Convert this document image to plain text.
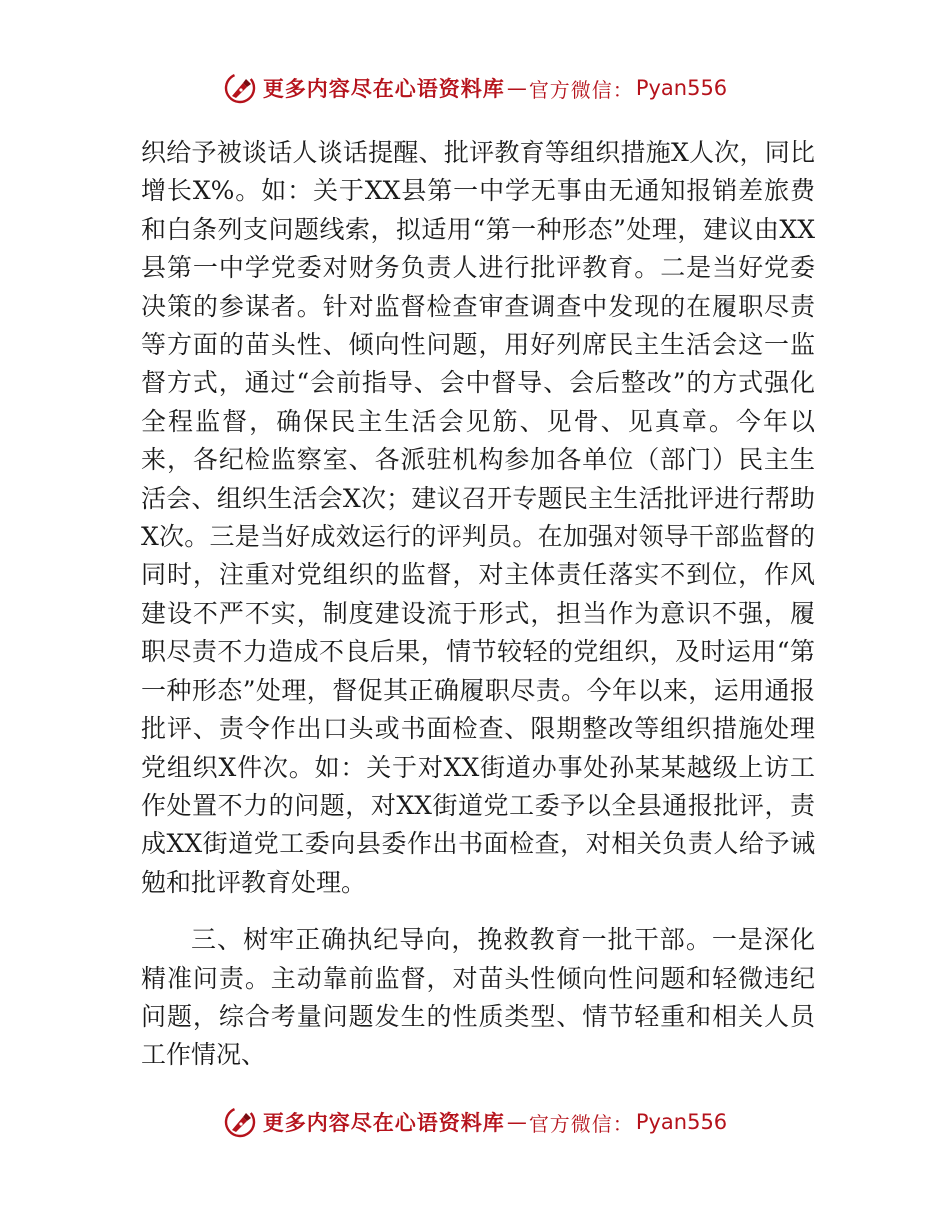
更多内容尽在心语资料库 — 官方微信： Pyan556

织给予被谈话人谈话提醒、批评教育等组织措施X人次，同比增长X%。如：关于XX县第一中学无事由无通知报销差旅费和白条列支问题线索，拟适用“第一种形态”处理，建议由XX县第一中学党委对财务负责人进行批评教育。二是当好党委决策的参谋者。针对监督检查审查调查中发现的在履职尽责等方面的苗头性、倾向性问题，用好列席民主生活会这一监督方式，通过“会前指导、会中督导、会后整改”的方式强化全程监督，确保民主生活会见筋、见骨、见真章。今年以来，各纪检监察室、各派驻机构参加各单位（部门）民主生活会、组织生活会X次；建议召开专题民主生活批评进行帮助X次。三是当好成效运行的评判员。在加强对领导干部监督的同时，注重对党组织的监督，对主体责任落实不到位，作风建设不严不实，制度建设流于形式，担当作为意识不强，履职尽责不力造成不良后果，情节较轻的党组织，及时运用“第一种形态”处理，督促其正确履职尽责。今年以来，运用通报批评、责令作出口头或书面检查、限期整改等组织措施处理党组织X件次。如：关于对XX街道办事处孙某某越级上访工作处置不力的问题，对XX街道党工委予以全县通报批评，责成XX街道党工委向县委作出书面检查，对相关负责人给予诫勉和批评教育处理。

三、树牢正确执纪导向，挽救教育一批干部。一是深化精准问责。主动靠前监督，对苗头性倾向性问题和轻微违纪问题，综合考量问题发生的性质类型、情节轻重和相关人员工作情况、

更多内容尽在心语资料库 — 官方微信： Pyan556
